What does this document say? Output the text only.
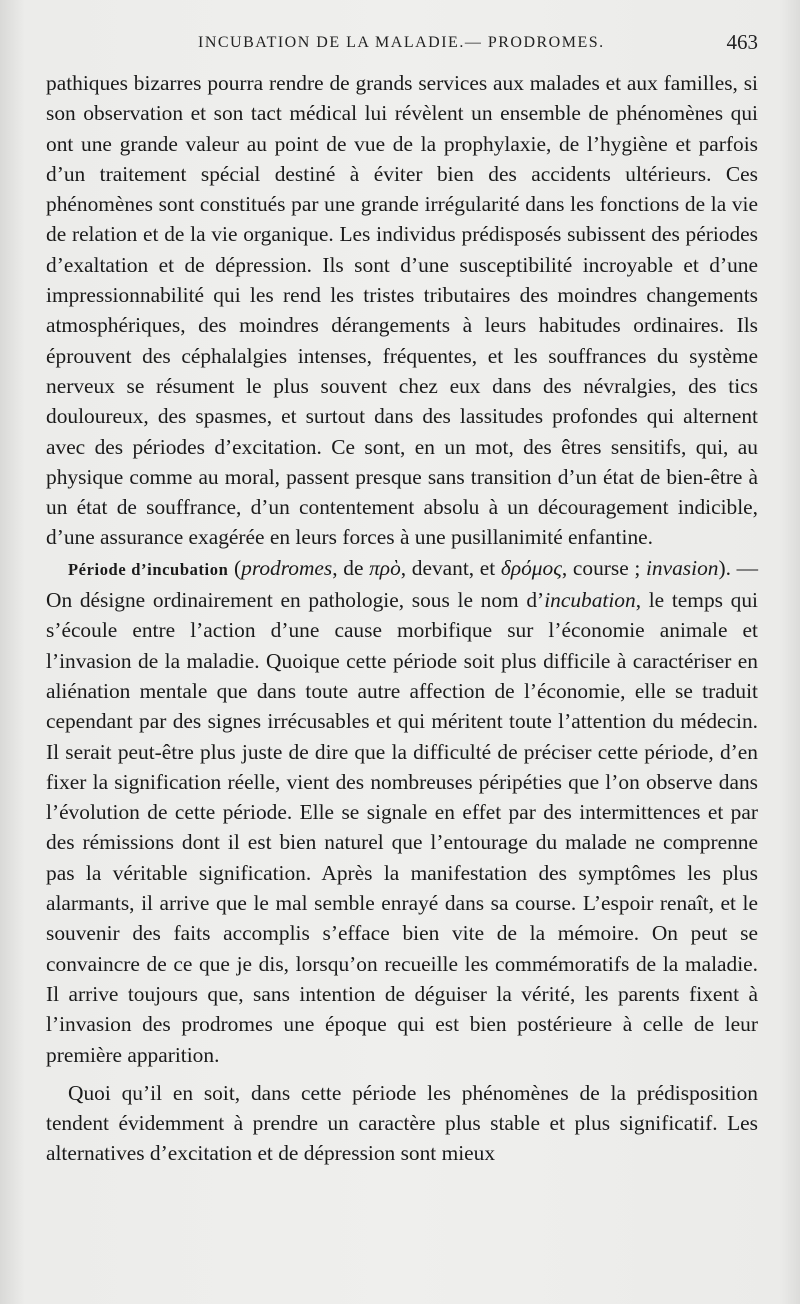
INCUBATION DE LA MALADIE.— PRODROMES.	463

pathiques bizarres pourra rendre de grands services aux malades et aux familles, si son observation et son tact médical lui révèlent un ensemble de phénomènes qui ont une grande valeur au point de vue de la prophylaxie, de l’hygiène et parfois d’un traitement spécial destiné à éviter bien des accidents ultérieurs. Ces phénomènes sont constitués par une grande irrégularité dans les fonctions de la vie de relation et de la vie organique. Les individus prédisposés subissent des périodes d’exaltation et de dépression. Ils sont d’une susceptibilité incroyable et d’une impressionnabilité qui les rend les tristes tributaires des moindres changements atmosphériques, des moindres dérangements à leurs habitudes ordinaires. Ils éprouvent des céphalalgies intenses, fréquentes, et les souffrances du système nerveux se résument le plus souvent chez eux dans des névralgies, des tics douloureux, des spasmes, et surtout dans des lassitudes profondes qui alternent avec des périodes d’excitation. Ce sont, en un mot, des êtres sensitifs, qui, au physique comme au moral, passent presque sans transition d’un état de bien-être à un état de souffrance, d’un contentement absolu à un découragement indicible, d’une assurance exagérée en leurs forces à une pusillanimité enfantine.

Période d’incubation (prodromes, de πρὸ, devant, et δρόμος, course ; invasion). — On désigne ordinairement en pathologie, sous le nom d’incubation, le temps qui s’écoule entre l’action d’une cause morbifique sur l’économie animale et l’invasion de la maladie. Quoique cette période soit plus difficile à caractériser en aliénation mentale que dans toute autre affection de l’économie, elle se traduit cependant par des signes irrécusables et qui méritent toute l’attention du médecin. Il serait peut-être plus juste de dire que la difficulté de préciser cette période, d’en fixer la signification réelle, vient des nombreuses péripéties que l’on observe dans l’évolution de cette période. Elle se signale en effet par des intermittences et par des rémissions dont il est bien naturel que l’entourage du malade ne comprenne pas la véritable signification. Après la manifestation des symptômes les plus alarmants, il arrive que le mal semble enrayé dans sa course. L’espoir renaît, et le souvenir des faits accomplis s’efface bien vite de la mémoire. On peut se convaincre de ce que je dis, lorsqu’on recueille les commémoratifs de la maladie. Il arrive toujours que, sans intention de déguiser la vérité, les parents fixent à l’invasion des prodromes une époque qui est bien postérieure à celle de leur première apparition.

Quoi qu’il en soit, dans cette période les phénomènes de la prédisposition tendent évidemment à prendre un caractère plus stable et plus significatif. Les alternatives d’excitation et de dépression sont mieux
